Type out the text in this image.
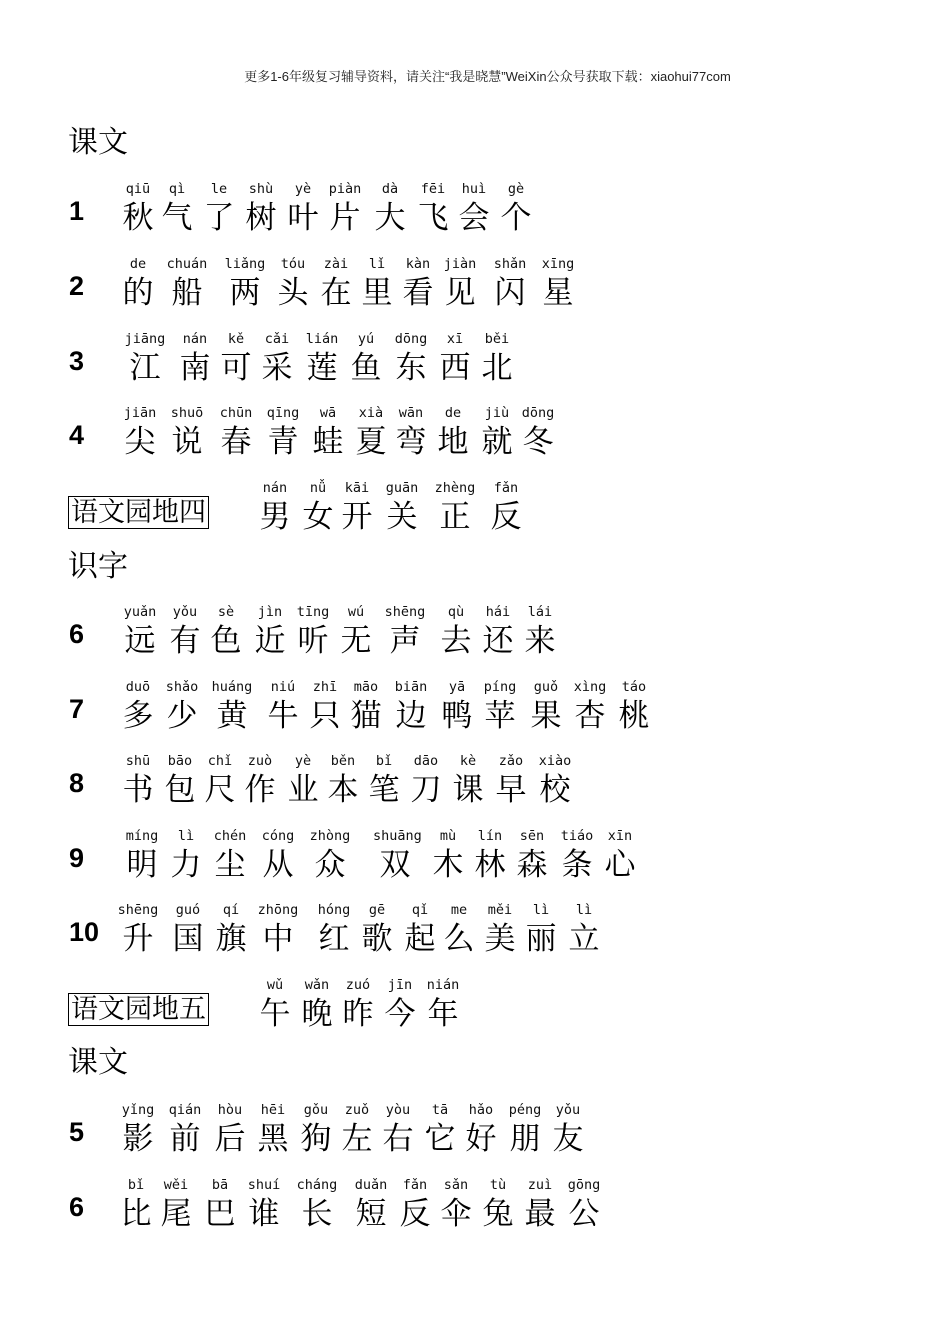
更多1-6年级复习辅导资料，请关注“我是晓慧”WeiXin公众号获取下载：xiaohui77com
课文
识字
课文
1
qiū
秋
qì
气
le
了
shù
树
yè
叶
piàn
片
dà
大
fēi
飞
huì
会
gè
个
2
de
的
chuán
船
liǎng
两
tóu
头
zài
在
lǐ
里
kàn
看
jiàn
见
shǎn
闪
xīng
星
3
jiāng
江
nán
南
kě
可
cǎi
采
lián
莲
yú
鱼
dōng
东
xī
西
běi
北
4
jiān
尖
shuō
说
chūn
春
qīng
青
wā
蛙
xià
夏
wān
弯
de
地
jiù
就
dōng
冬
语文园地四
nán
男
nǚ
女
kāi
开
guān
关
zhèng
正
fǎn
反
6
yuǎn
远
yǒu
有
sè
色
jìn
近
tīng
听
wú
无
shēng
声
qù
去
hái
还
lái
来
7
duō
多
shǎo
少
huáng
黄
niú
牛
zhī
只
māo
猫
biān
边
yā
鸭
píng
苹
guǒ
果
xìng
杏
táo
桃
8
shū
书
bāo
包
chǐ
尺
zuò
作
yè
业
běn
本
bǐ
笔
dāo
刀
kè
课
zǎo
早
xiào
校
9
míng
明
lì
力
chén
尘
cóng
从
zhòng
众
shuāng
双
mù
木
lín
林
sēn
森
tiáo
条
xīn
心
10
shēng
升
guó
国
qí
旗
zhōng
中
hóng
红
gē
歌
qǐ
起
me
么
měi
美
lì
丽
lì
立
语文园地五
wǔ
午
wǎn
晚
zuó
昨
jīn
今
nián
年
5
yǐng
影
qián
前
hòu
后
hēi
黑
gǒu
狗
zuǒ
左
yòu
右
tā
它
hǎo
好
péng
朋
yǒu
友
6
bǐ
比
wěi
尾
bā
巴
shuí
谁
cháng
长
duǎn
短
fǎn
反
sǎn
伞
tù
兔
zuì
最
gōng
公
